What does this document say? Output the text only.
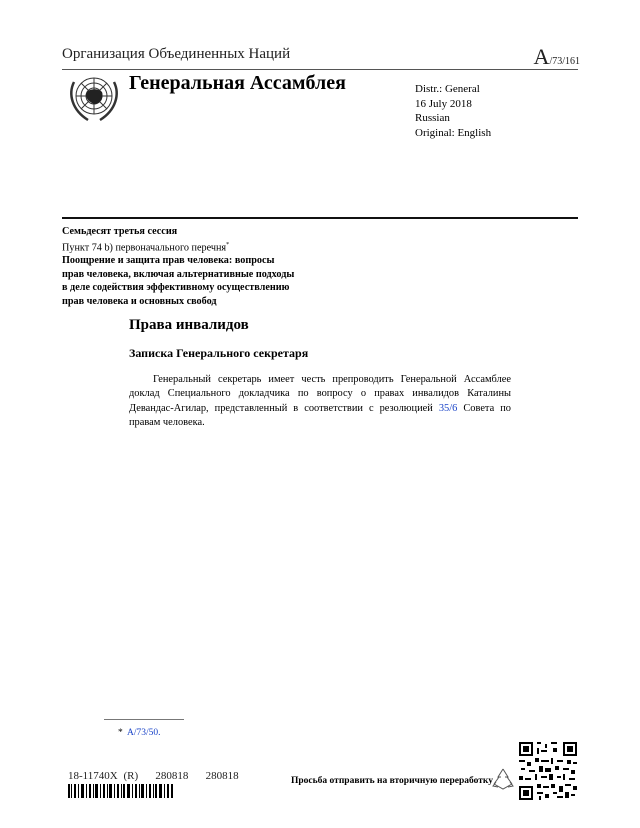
Организация Объединенных Наций	A/73/161
Генеральная Ассамблея	Distr.: General
16 July 2018
Russian
Original: English
Семьдесят третья сессия
Пункт 74 b) первоначального перечня*
Поощрение и защита прав человека: вопросы
прав человека, включая альтернативные подходы
в деле содействия эффективному осуществлению
прав человека и основных свобод
Права инвалидов
Записка Генерального секретаря
Генеральный секретарь имеет честь препроводить Генеральной Ассамблее доклад Специального докладчика по вопросу о правах инвалидов Каталины Девандас-Агилар, представленный в соответствии с резолюцией 35/6 Совета по правам человека.
* A/73/50.
18-11740X (R) 280818 280818	Просьба отправить на вторичную переработку
